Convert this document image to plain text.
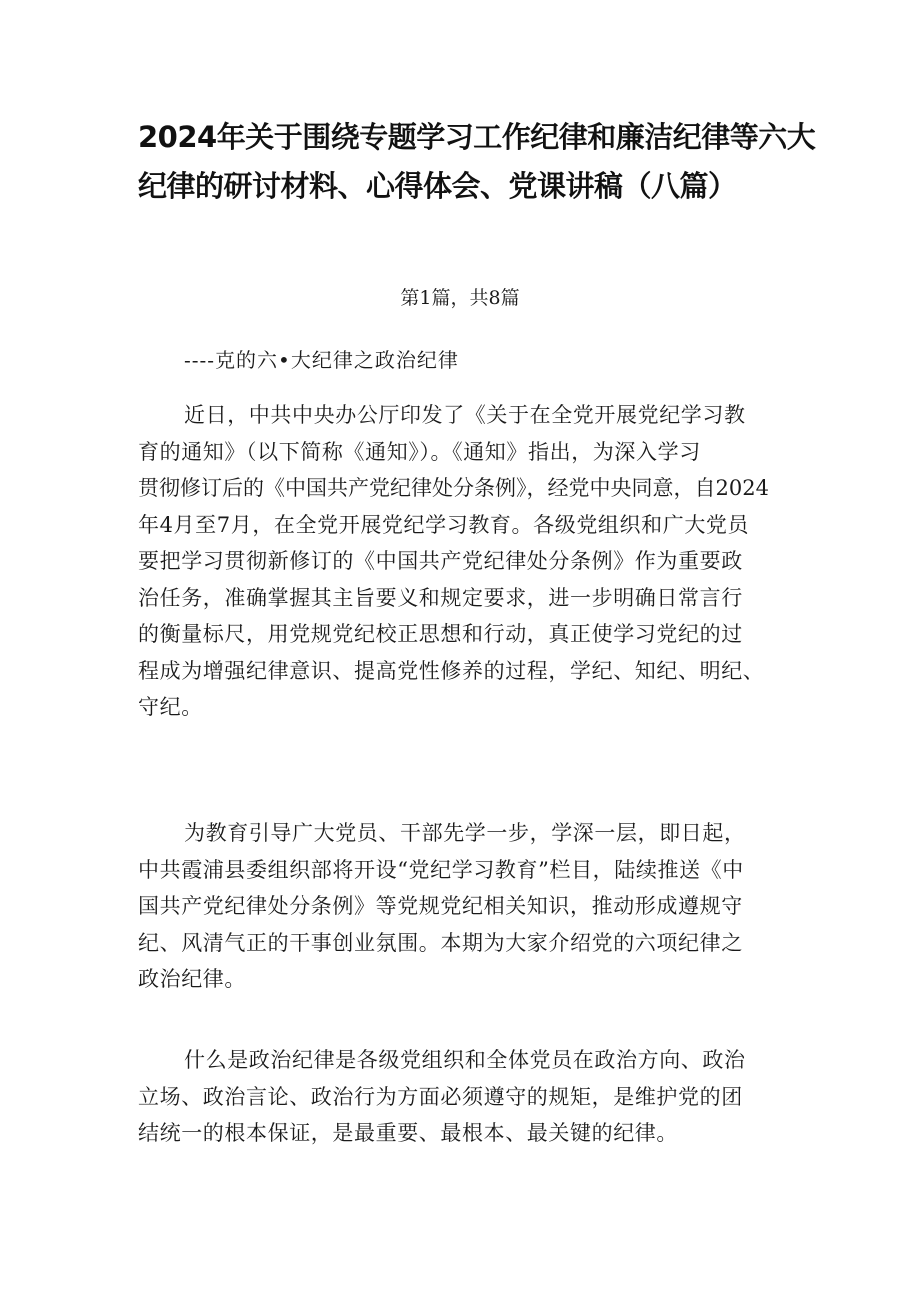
2024年关于围绕专题学习工作纪律和廉洁纪律等六大
纪律的研讨材料、心得体会、党课讲稿（八篇）
第1篇，共8篇
----克的六•大纪律之政治纪律
近日，中共中央办公厅印发了《关于在全党开展党纪学习教
育的通知》（以下简称《通知》）。《通知》指出，为深入学习
贯彻修订后的《中国共产党纪律处分条例》，经党中央同意，自2024
年4月至7月，在全党开展党纪学习教育。各级党组织和广大党员
要把学习贯彻新修订的《中国共产党纪律处分条例》作为重要政
治任务，准确掌握其主旨要义和规定要求，进一步明确日常言行
的衡量标尺，用党规党纪校正思想和行动，真正使学习党纪的过
程成为增强纪律意识、提高党性修养的过程，学纪、知纪、明纪、
守纪。
为教育引导广大党员、干部先学一步，学深一层，即日起，
中共霞浦县委组织部将开设“党纪学习教育”栏目，陆续推送《中
国共产党纪律处分条例》等党规党纪相关知识，推动形成遵规守
纪、风清气正的干事创业氛围。本期为大家介绍党的六项纪律之
政治纪律。
什么是政治纪律是各级党组织和全体党员在政治方向、政治
立场、政治言论、政治行为方面必须遵守的规矩，是维护党的团
结统一的根本保证，是最重要、最根本、最关键的纪律。
